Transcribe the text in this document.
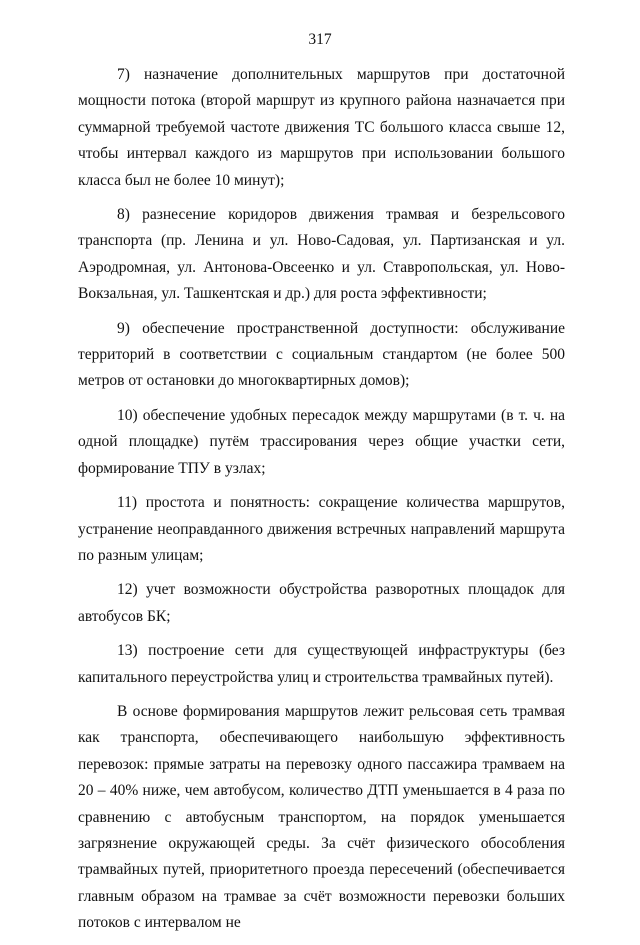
317

7) назначение дополнительных маршрутов при достаточной мощности потока (второй маршрут из крупного района назначается при суммарной требуемой частоте движения ТС большого класса свыше 12, чтобы интервал каждого из маршрутов при использовании большого класса был не более 10 минут);

8) разнесение коридоров движения трамвая и безрельсового транспорта (пр. Ленина и ул. Ново-Садовая, ул. Партизанская и ул. Аэродромная, ул. Антонова-Овсеенко и ул. Ставропольская, ул. Ново-Вокзальная, ул. Ташкентская и др.) для роста эффективности;

9) обеспечение пространственной доступности: обслуживание территорий в соответствии с социальным стандартом (не более 500 метров от остановки до многоквартирных домов);

10) обеспечение удобных пересадок между маршрутами (в т. ч. на одной площадке) путём трассирования через общие участки сети, формирование ТПУ в узлах;

11) простота и понятность: сокращение количества маршрутов, устранение неоправданного движения встречных направлений маршрута по разным улицам;

12) учет возможности обустройства разворотных площадок для автобусов БК;

13) построение сети для существующей инфраструктуры (без капитального переустройства улиц и строительства трамвайных путей).

В основе формирования маршрутов лежит рельсовая сеть трамвая как транспорта, обеспечивающего наибольшую эффективность перевозок: прямые затраты на перевозку одного пассажира трамваем на 20 – 40% ниже, чем автобусом, количество ДТП уменьшается в 4 раза по сравнению с автобусным транспортом, на порядок уменьшается загрязнение окружающей среды. За счёт физического обособления трамвайных путей, приоритетного проезда пересечений (обеспечивается главным образом на трамвае за счёт возможности перевозки больших потоков с интервалом не
